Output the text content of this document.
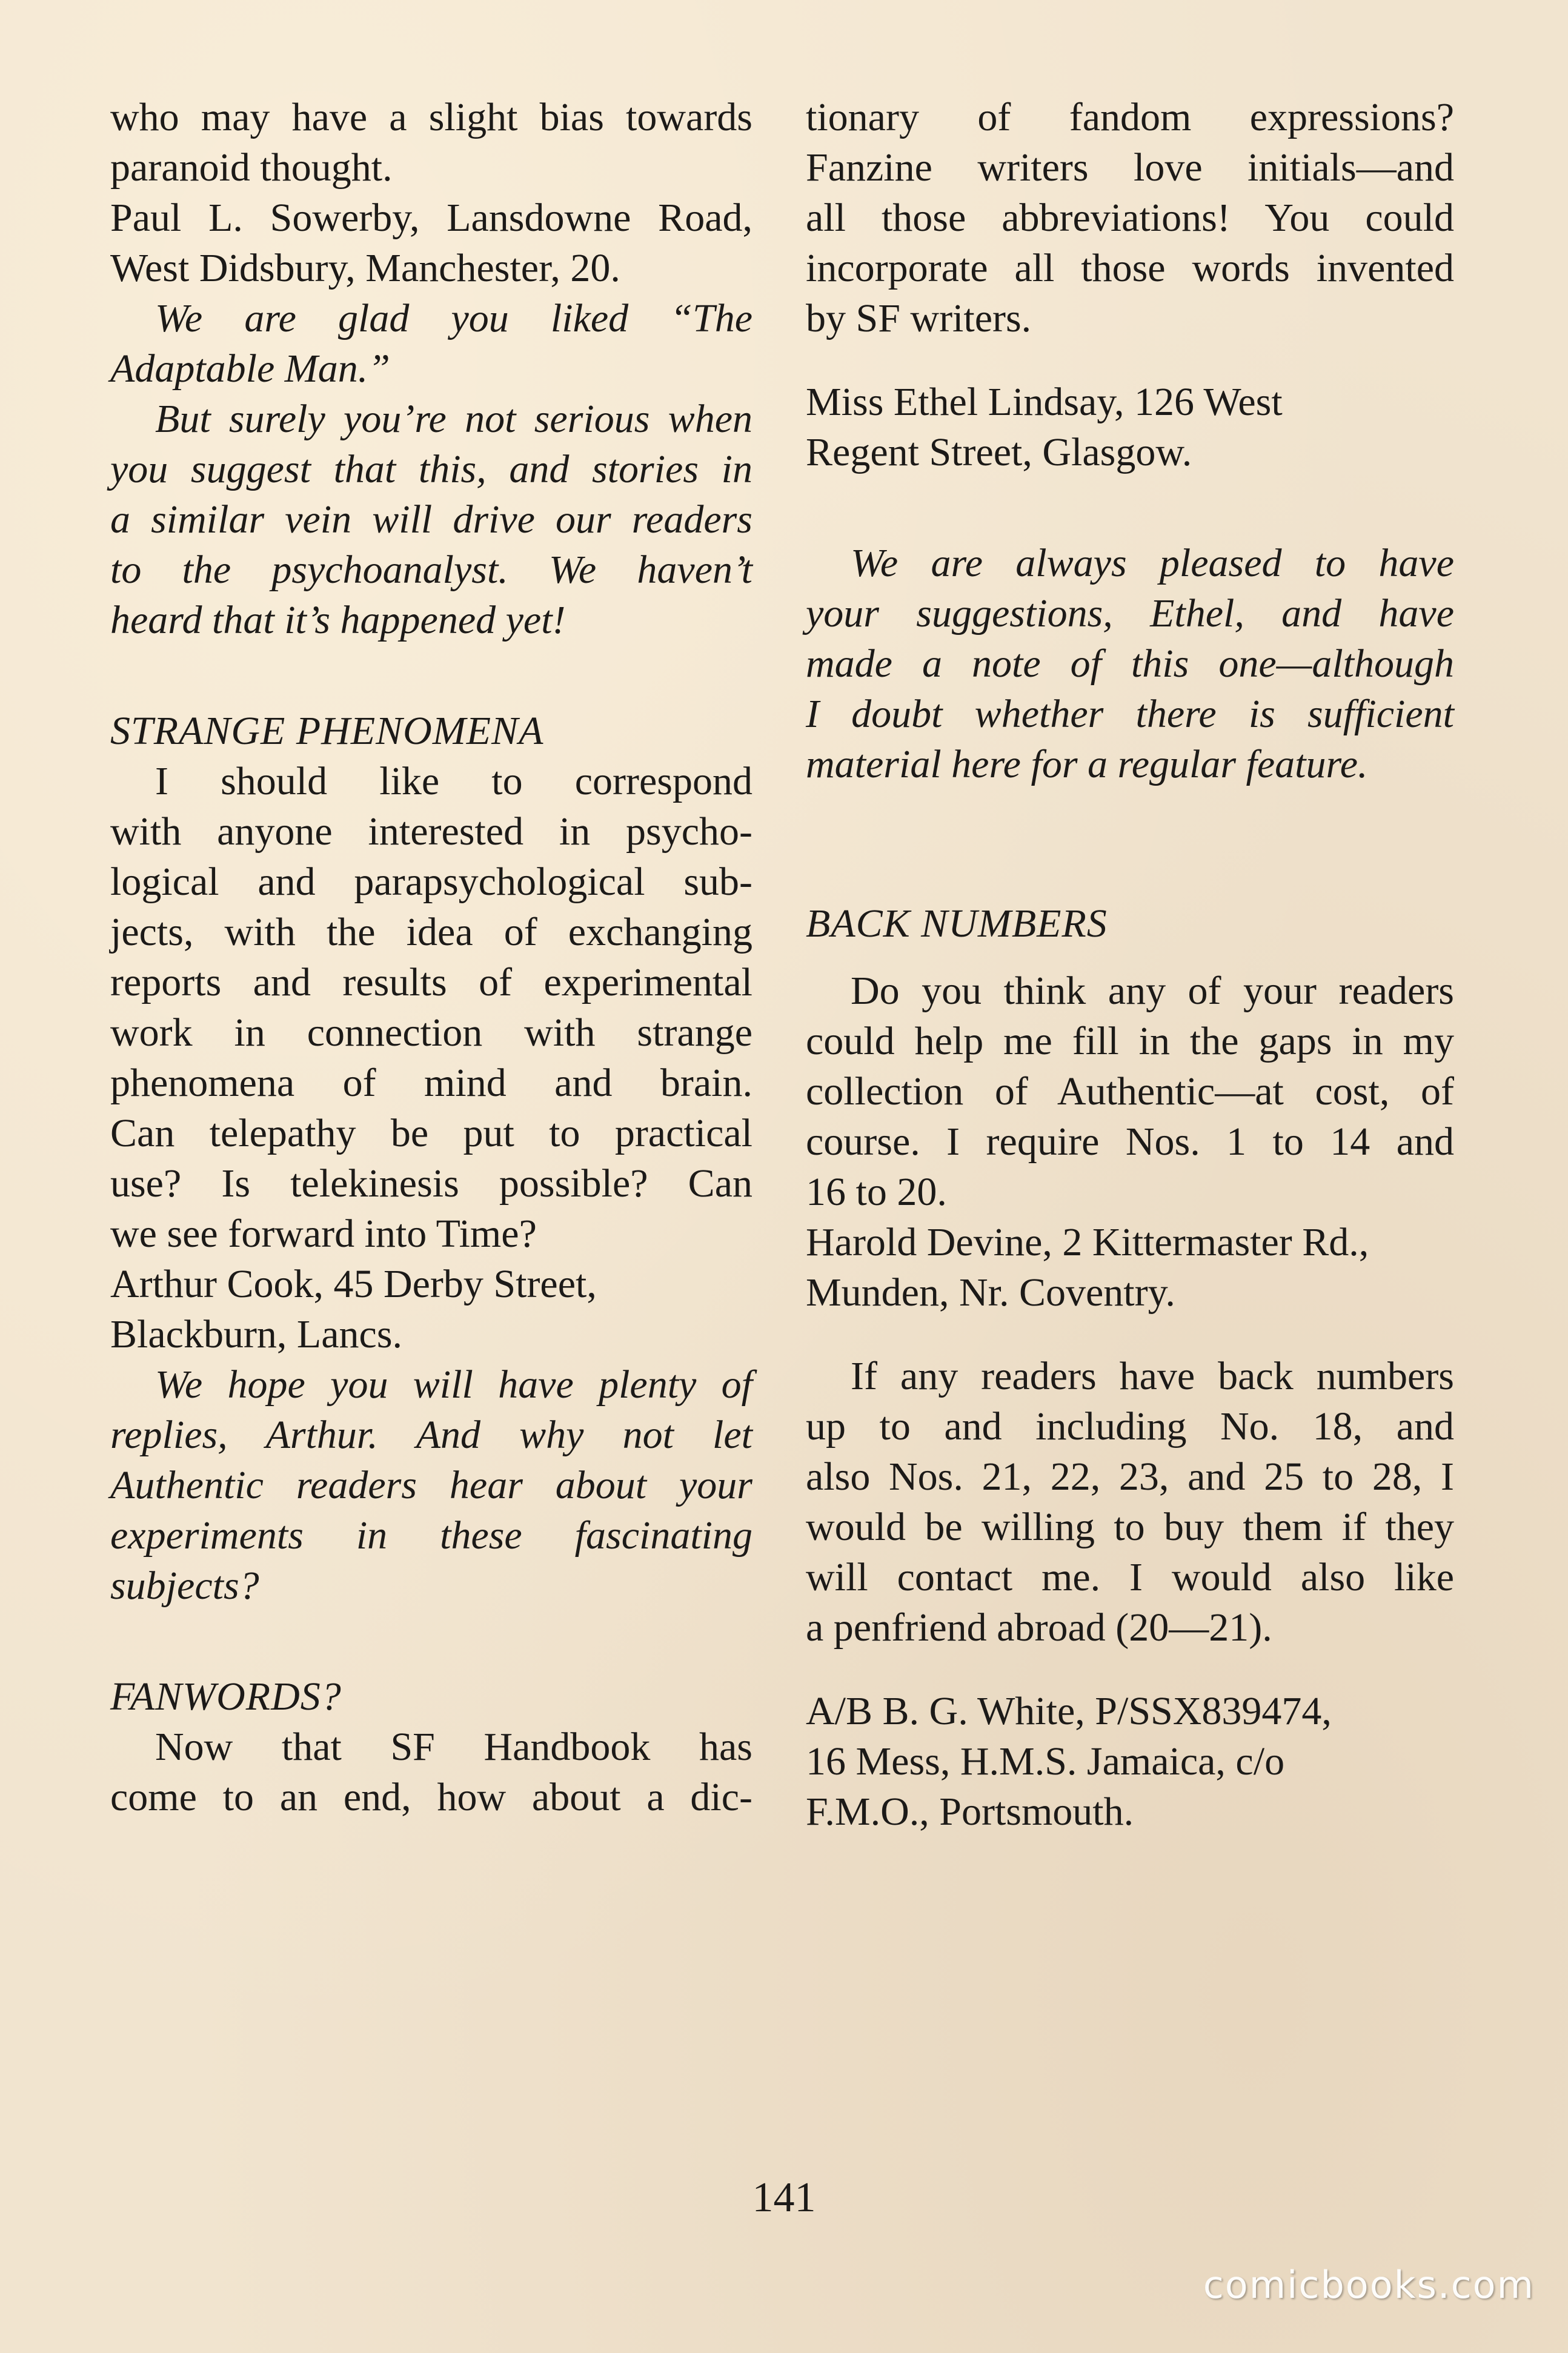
who may have a slight bias towards
paranoid thought.
Paul L. Sowerby, Lansdowne Road,
West Didsbury, Manchester, 20.
We are glad you liked “The
Adaptable Man.”
But surely you’re not serious when
you suggest that this, and stories in
a similar vein will drive our readers
to the psychoanalyst. We haven’t
heard that it’s happened yet!
STRANGE PHENOMENA
I should like to correspond
with anyone interested in psycho-
logical and parapsychological sub-
jects, with the idea of exchanging
reports and results of experimental
work in connection with strange
phenomena of mind and brain.
Can telepathy be put to practical
use? Is telekinesis possible? Can
we see forward into Time?
Arthur Cook, 45 Derby Street,
Blackburn, Lancs.
We hope you will have plenty of
replies, Arthur. And why not let
Authentic readers hear about your
experiments in these fascinating
subjects?
FANWORDS?
Now that SF Handbook has
come to an end, how about a dic-
tionary of fandom expressions?
Fanzine writers love initials—and
all those abbreviations! You could
incorporate all those words invented
by SF writers.
Miss Ethel Lindsay, 126 West
Regent Street, Glasgow.
We are always pleased to have
your suggestions, Ethel, and have
made a note of this one—although
I doubt whether there is sufficient
material here for a regular feature.
BACK NUMBERS
Do you think any of your readers
could help me fill in the gaps in my
collection of Authentic—at cost, of
course. I require Nos. 1 to 14 and
16 to 20.
Harold Devine, 2 Kittermaster Rd.,
Munden, Nr. Coventry.
If any readers have back numbers
up to and including No. 18, and
also Nos. 21, 22, 23, and 25 to 28, I
would be willing to buy them if they
will contact me. I would also like
a penfriend abroad (20—21).
A/B B. G. White, P/SSX839474,
16 Mess, H.M.S. Jamaica, c/o
F.M.O., Portsmouth.
141
comicbooks.com
